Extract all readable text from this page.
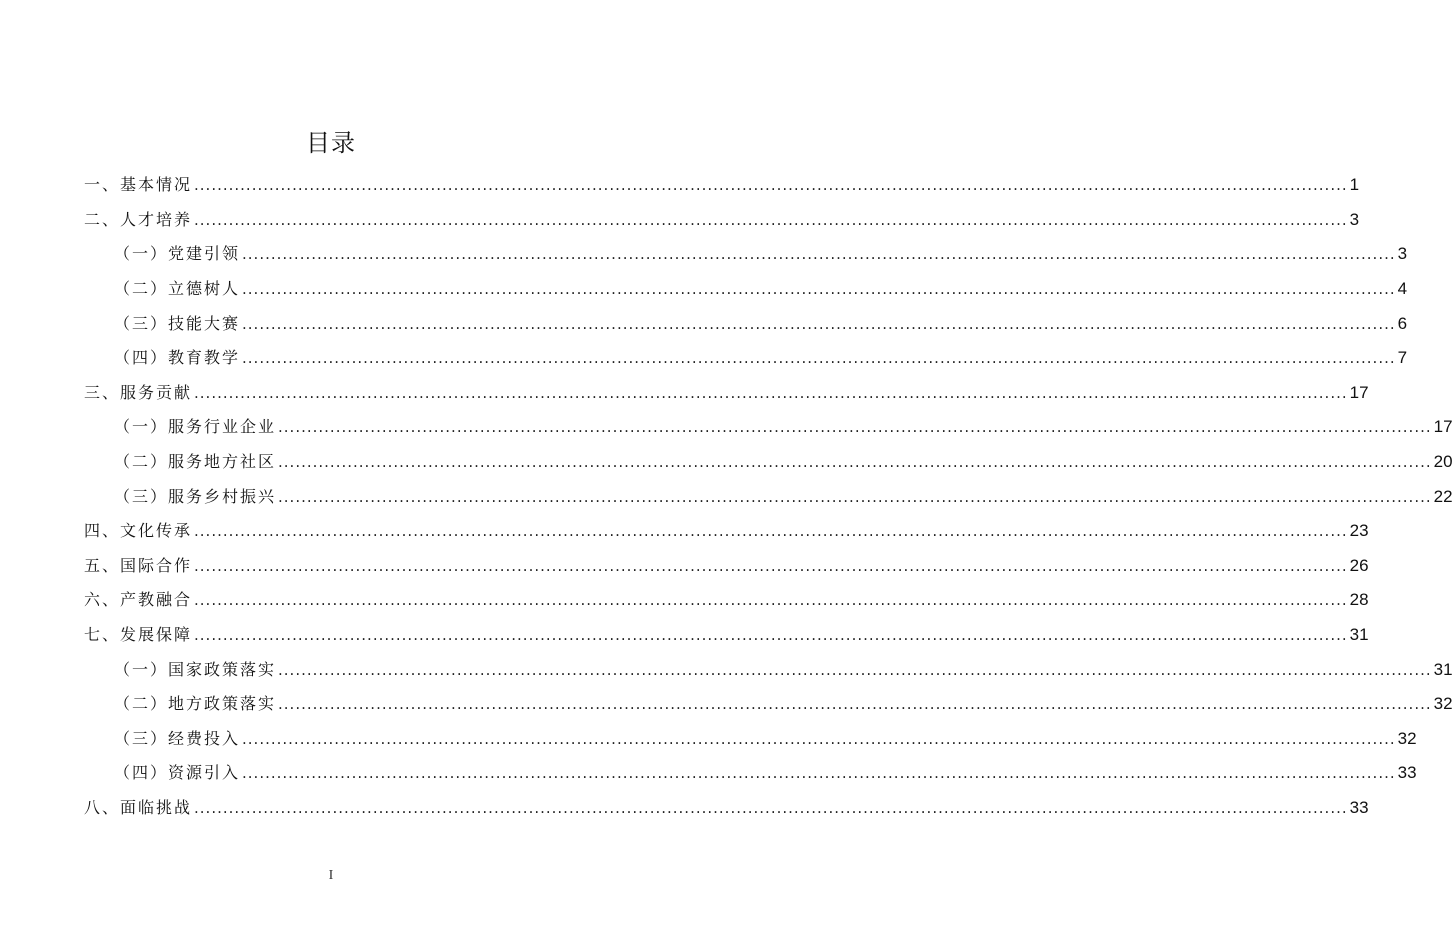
目录
一、基本情况 ........................................................................................................................................................................................................ 1
二、人才培养 ........................................................................................................................................................................................................ 3
（一）党建引领 ........................................................................................................................................................................................................ 3
（二）立德树人 ........................................................................................................................................................................................................ 4
（三）技能大赛 ........................................................................................................................................................................................................ 6
（四）教育教学 ........................................................................................................................................................................................................ 7
三、服务贡献 ........................................................................................................................................................................................................ 17
（一）服务行业企业 ........................................................................................................................................................................................................ 17
（二）服务地方社区 ........................................................................................................................................................................................................ 20
（三）服务乡村振兴 ........................................................................................................................................................................................................ 22
四、文化传承 ........................................................................................................................................................................................................ 23
五、国际合作 ........................................................................................................................................................................................................ 26
六、产教融合 ........................................................................................................................................................................................................ 28
七、发展保障 ........................................................................................................................................................................................................ 31
（一）国家政策落实 ........................................................................................................................................................................................................ 31
（二）地方政策落实 ........................................................................................................................................................................................................ 32
（三）经费投入 ........................................................................................................................................................................................................ 32
（四）资源引入 ........................................................................................................................................................................................................ 33
八、面临挑战 ........................................................................................................................................................................................................ 33
I
